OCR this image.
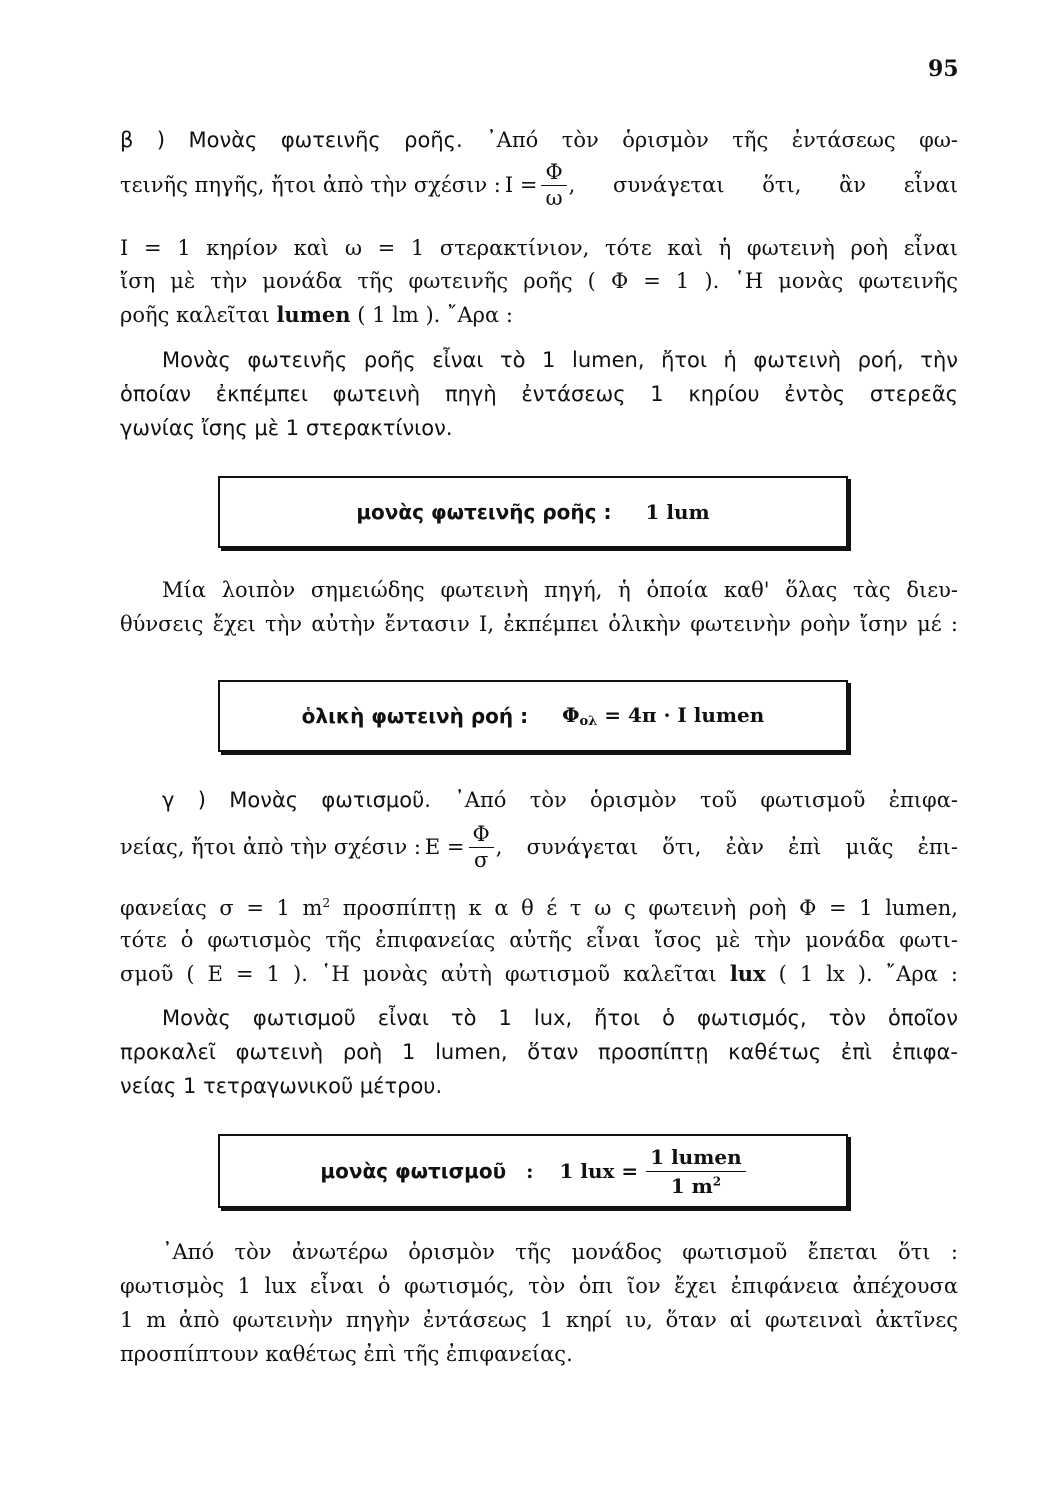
95
β ) Μονὰς φωτεινῆς ροῆς. ᾿Από τὸν ὁρισμὸν τῆς ἐντάσεως φω-
τεινῆς πηγῆς, ἤτοι ἀπὸ τὴν σχέσιν : $I = \frac{\Phi}{\omega}$ , συνάγεται ὅτι, ἂν εἶναι
I = 1 κηρίον καὶ ω = 1 στερακτίνιον, τότε καὶ ἡ φωτεινὴ ροὴ εἶναι
ἴση μὲ τὴν μονάδα τῆς φωτεινῆς ροῆς ( Φ = 1 ). ῾Η μονὰς φωτεινῆς
ροῆς καλεῖται lumen ( 1 lm ). ῎Αρα :
Μονὰς φωτεινῆς ροῆς εἶναι τὸ 1 lumen, ἤτοι ἡ φωτεινὴ ροή, τὴν
ὁποίαν ἐκπέμπει φωτεινὴ πηγὴ ἐντάσεως 1 κηρίου ἐντὸς στερεᾶς
γωνίας ἴσης μὲ 1 στερακτίνιον.
μονὰς φωτεινῆς ροῆς : 1 lum
Μία λοιπὸν σημειώδης φωτεινὴ πηγή, ἡ ὁποία καθ' ὅλας τὰς διευ-
θύνσεις ἔχει τὴν αὐτὴν ἔντασιν I, ἐκπέμπει ὁλικὴν φωτεινὴν ροὴν ἴσην μέ :
ὁλικὴ φωτεινὴ ροή : $\Phi_{o\lambda} = 4\pi \cdot I$ lumen
γ ) Μονὰς φωτισμοῦ. ᾿Από τὸν ὁρισμὸν τοῦ φωτισμοῦ ἐπιφα-
νείας, ἤτοι ἀπὸ τὴν σχέσιν : $E = \frac{\Phi}{\sigma}$ , συνάγεται ὅτι, ἐὰν ἐπὶ μιᾶς ἐπι-
φανείας σ = 1 $m^2$ προσπίπτῃ κ α θ έ τ ω ς φωτεινὴ ροὴ Φ = 1 lumen,
τότε ὁ φωτισμὸς τῆς ἐπιφανείας αὐτῆς εἶναι ἴσος μὲ τὴν μονάδα φωτι-
σμοῦ ( E = 1 ). ῾Η μονὰς αὐτὴ φωτισμοῦ καλεῖται lux ( 1 lx ). ῎Αρα :
Μονὰς φωτισμοῦ εἶναι τὸ 1 lux, ἤτοι ὁ φωτισμός, τὸν ὁποῖον
προκαλεῖ φωτεινὴ ροὴ 1 lumen, ὅταν προσπίπτῃ καθέτως ἐπὶ ἐπιφα-
νείας 1 τετραγωνικοῦ μέτρου.
μονὰς φωτισμοῦ : 1 lux = $\frac{\text{1 lumen}}{1 m^2}$
᾿Από τὸν ἀνωτέρω ὁρισμὸν τῆς μονάδος φωτισμοῦ ἔπεται ὅτι :
φωτισμὸς 1 lux εἶναι ὁ φωτισμός, τὸν ὁπι ῖον ἔχει ἐπιφάνεια ἀπέχουσα
1 m ἀπὸ φωτεινὴν πηγὴν ἐντάσεως 1 κηρί ιυ, ὅταν αἱ φωτειναὶ ἀκτῖνες
προσπίπτουν καθέτως ἐπὶ τῆς ἐπιφανείας.
